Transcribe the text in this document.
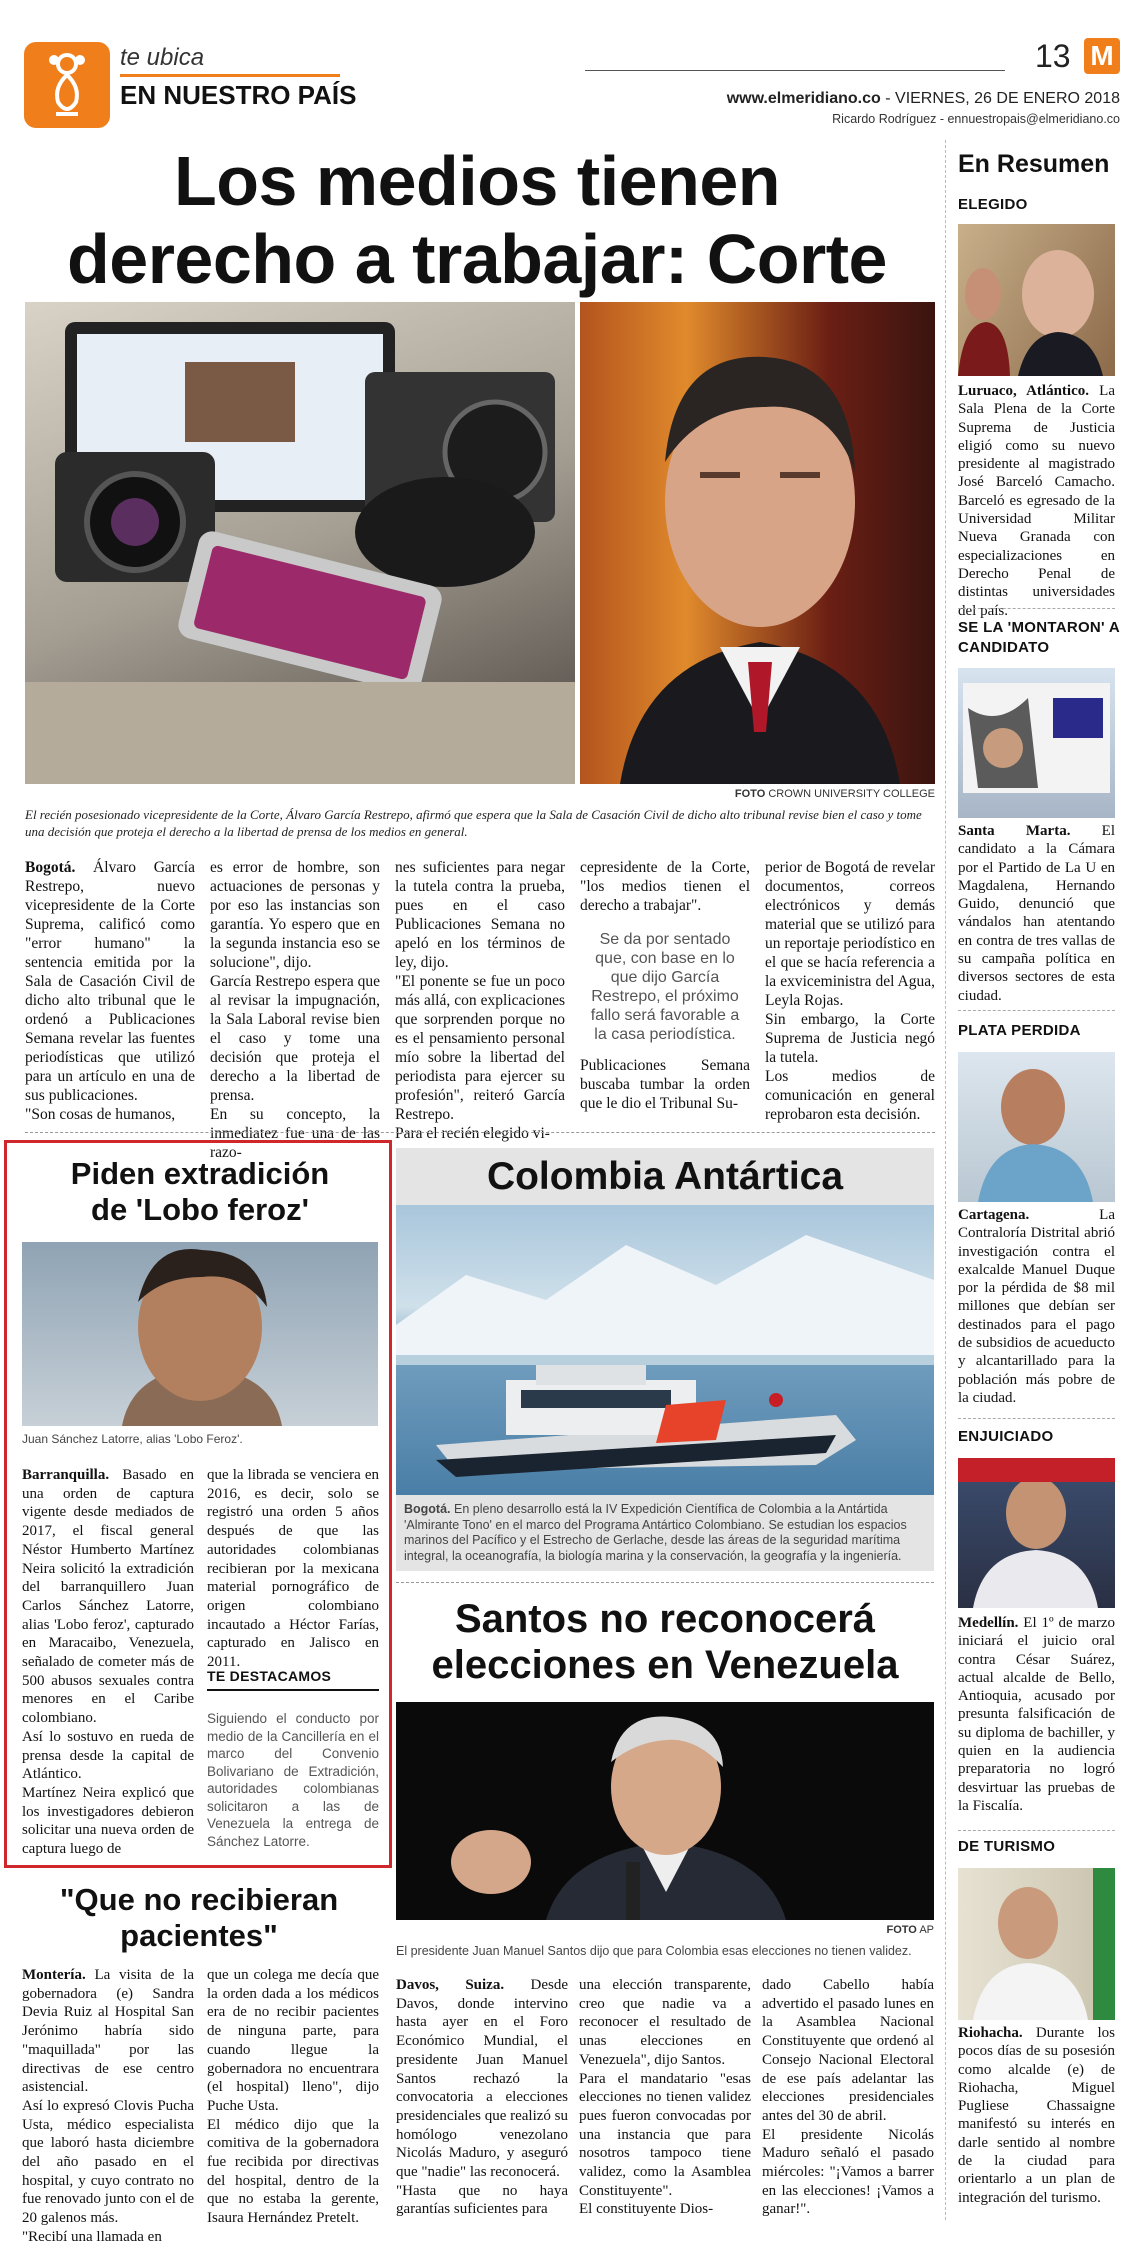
te ubica
EN NUESTRO PAÍS
13 M
www.elmeridiano.co - VIERNES, 26 DE ENERO 2018
Ricardo Rodríguez - ennuestropais@elmeridiano.co
Los medios tienen
derecho a trabajar: Corte
FOTO CROWN UNIVERSITY COLLEGE
El recién posesionado vicepresidente de la Corte, Álvaro García Restrepo, afirmó que espera que la Sala de Casación Civil de dicho alto tribunal revise bien el caso y tome una decisión que proteja el derecho a la libertad de prensa de los medios en general.
Bogotá. Álvaro García Restrepo, nuevo vicepresidente de la Corte Suprema, calificó como "error humano" la sentencia emitida por la Sala de Casación Civil de dicho alto tribunal que le ordenó a Publicaciones Semana revelar las fuentes periodísticas que utilizó para un artículo en una de sus publicaciones.
"Son cosas de humanos,
es error de hombre, son actuaciones de personas y por eso las instancias son garantía. Yo espero que en la segunda instancia eso se solucione", dijo.
García Restrepo espera que al revisar la impugnación, la Sala Laboral revise bien el caso y tome una decisión que proteja el derecho a la libertad de prensa.
En su concepto, la inmediatez fue una de las razo-
nes suficientes para negar la tutela contra la prueba, pues en el caso Publicaciones Semana no apeló en los términos de ley, dijo.
"El ponente se fue un poco más allá, con explicaciones que sorprenden porque no es el pensamiento personal mío sobre la libertad del periodista para ejercer su profesión", reiteró García Restrepo.
Para el recién elegido vi-
cepresidente de la Corte, "los medios tienen el derecho a trabajar".
Se da por sentado que, con base en lo que dijo García Restrepo, el próximo fallo será favorable a la casa periodística.
Publicaciones Semana buscaba tumbar la orden que le dio el Tribunal Su-
perior de Bogotá de revelar documentos, correos electrónicos y demás material que se utilizó para un reportaje periodístico en el que se hacía referencia a la exviceministra del Agua, Leyla Rojas.
Sin embargo, la Corte Suprema de Justicia negó la tutela.
Los medios de comunicación en general reprobaron esta decisión.
En Resumen
ELEGIDO
Luruaco, Atlántico. La Sala Plena de la Corte Suprema de Justicia eligió como su nuevo presidente al magistrado José Barceló Camacho. Barceló es egresado de la Universidad Militar Nueva Granada con especializaciones en Derecho Penal de distintas universidades del país.
SE LA 'MONTARON' A CANDIDATO
Santa Marta. El candidato a la Cámara por el Partido de La U en Magdalena, Hernando Guido, denunció que vándalos han atentando en contra de tres vallas de su campaña política en diversos sectores de esta ciudad.
PLATA PERDIDA
Cartagena. La Contraloría Distrital abrió investigación contra el exalcalde Manuel Duque por la pérdida de $8 mil millones que debían ser destinados para el pago de subsidios de acueducto y alcantarillado para la población más pobre de la ciudad.
ENJUICIADO
Medellín. El 1º de marzo iniciará el juicio oral contra César Suárez, actual alcalde de Bello, Antioquia, acusado por presunta falsificación de su diploma de bachiller, y quien en la audiencia preparatoria no logró desvirtuar las pruebas de la Fiscalía.
DE TURISMO
Riohacha. Durante los pocos días de su posesión como alcalde (e) de Riohacha, Miguel Pugliese Chassaigne manifestó su interés en darle sentido al nombre de la ciudad para orientarlo a un plan de integración del turismo.
Piden extradición
de 'Lobo feroz'
Juan Sánchez Latorre, alias 'Lobo Feroz'.
Barranquilla. Basado en una orden de captura vigente desde mediados de 2017, el fiscal general Néstor Humberto Martínez Neira solicitó la extradición del barranquillero Juan Carlos Sánchez Latorre, alias 'Lobo feroz', capturado en Maracaibo, Venezuela, señalado de cometer más de 500 abusos sexuales contra menores en el Caribe colombiano.
Así lo sostuvo en rueda de prensa desde la capital de Atlántico.
Martínez Neira explicó que los investigadores debieron solicitar una nueva orden de captura luego de
que la librada se venciera en 2016, es decir, solo se registró una orden 5 años después de que las autoridades colombianas recibieran por la mexicana material pornográfico de origen colombiano incautado a Héctor Farías, capturado en Jalisco en 2011.
TE DESTACAMOS
Siguiendo el conducto por medio de la Cancillería en el marco del Convenio Bolivariano de Extradición, autoridades colombianas solicitaron a las de Venezuela la entrega de Sánchez Latorre.
Colombia Antártica
Bogotá. En pleno desarrollo está la IV Expedición Científica de Colombia a la Antártida 'Almirante Tono' en el marco del Programa Antártico Colombiano. Se estudian los espacios marinos del Pacífico y el Estrecho de Gerlache, desde las áreas de la seguridad marítima integral, la oceanografía, la biología marina y la conservación, la geografía y la ingeniería.
Santos no reconocerá
elecciones en Venezuela
FOTO AP
El presidente Juan Manuel Santos dijo que para Colombia esas elecciones no tienen validez.
Davos, Suiza. Desde Davos, donde intervino hasta ayer en el Foro Económico Mundial, el presidente Juan Manuel Santos rechazó la convocatoria a elecciones presidenciales que realizó su homólogo venezolano Nicolás Maduro, y aseguró que "nadie" las reconocerá.
"Hasta que no haya garantías suficientes para
una elección transparente, creo que nadie va a reconocer el resultado de unas elecciones en Venezuela", dijo Santos.
Para el mandatario "esas elecciones no tienen validez pues fueron convocadas por una instancia que para nosotros tampoco tiene validez, como la Asamblea Constituyente".
El constituyente Dios-
dado Cabello había advertido el pasado lunes en la Asamblea Nacional Constituyente que ordenó al Consejo Nacional Electoral de ese país adelantar las elecciones presidenciales antes del 30 de abril.
El presidente Nicolás Maduro señaló el pasado miércoles: "¡Vamos a barrer en las elecciones! ¡Vamos a ganar!".
"Que no recibieran
pacientes"
Montería. La visita de la gobernadora (e) Sandra Devia Ruiz al Hospital San Jerónimo habría sido "maquillada" por las directivas de ese centro asistencial.
Así lo expresó Clovis Pucha Usta, médico especialista que laboró hasta diciembre del año pasado en el hospital, y cuyo contrato no fue renovado junto con el de 20 galenos más.
"Recibí una llamada en
que un colega me decía que la orden dada a los médicos era de no recibir pacientes de ninguna parte, para cuando llegue la gobernadora no encuentrara (el hospital) lleno", dijo Puche Usta.
El médico dijo que la comitiva de la gobernadora fue recibida por directivas del hospital, dentro de la que no estaba la gerente, Isaura Hernández Pretelt.
